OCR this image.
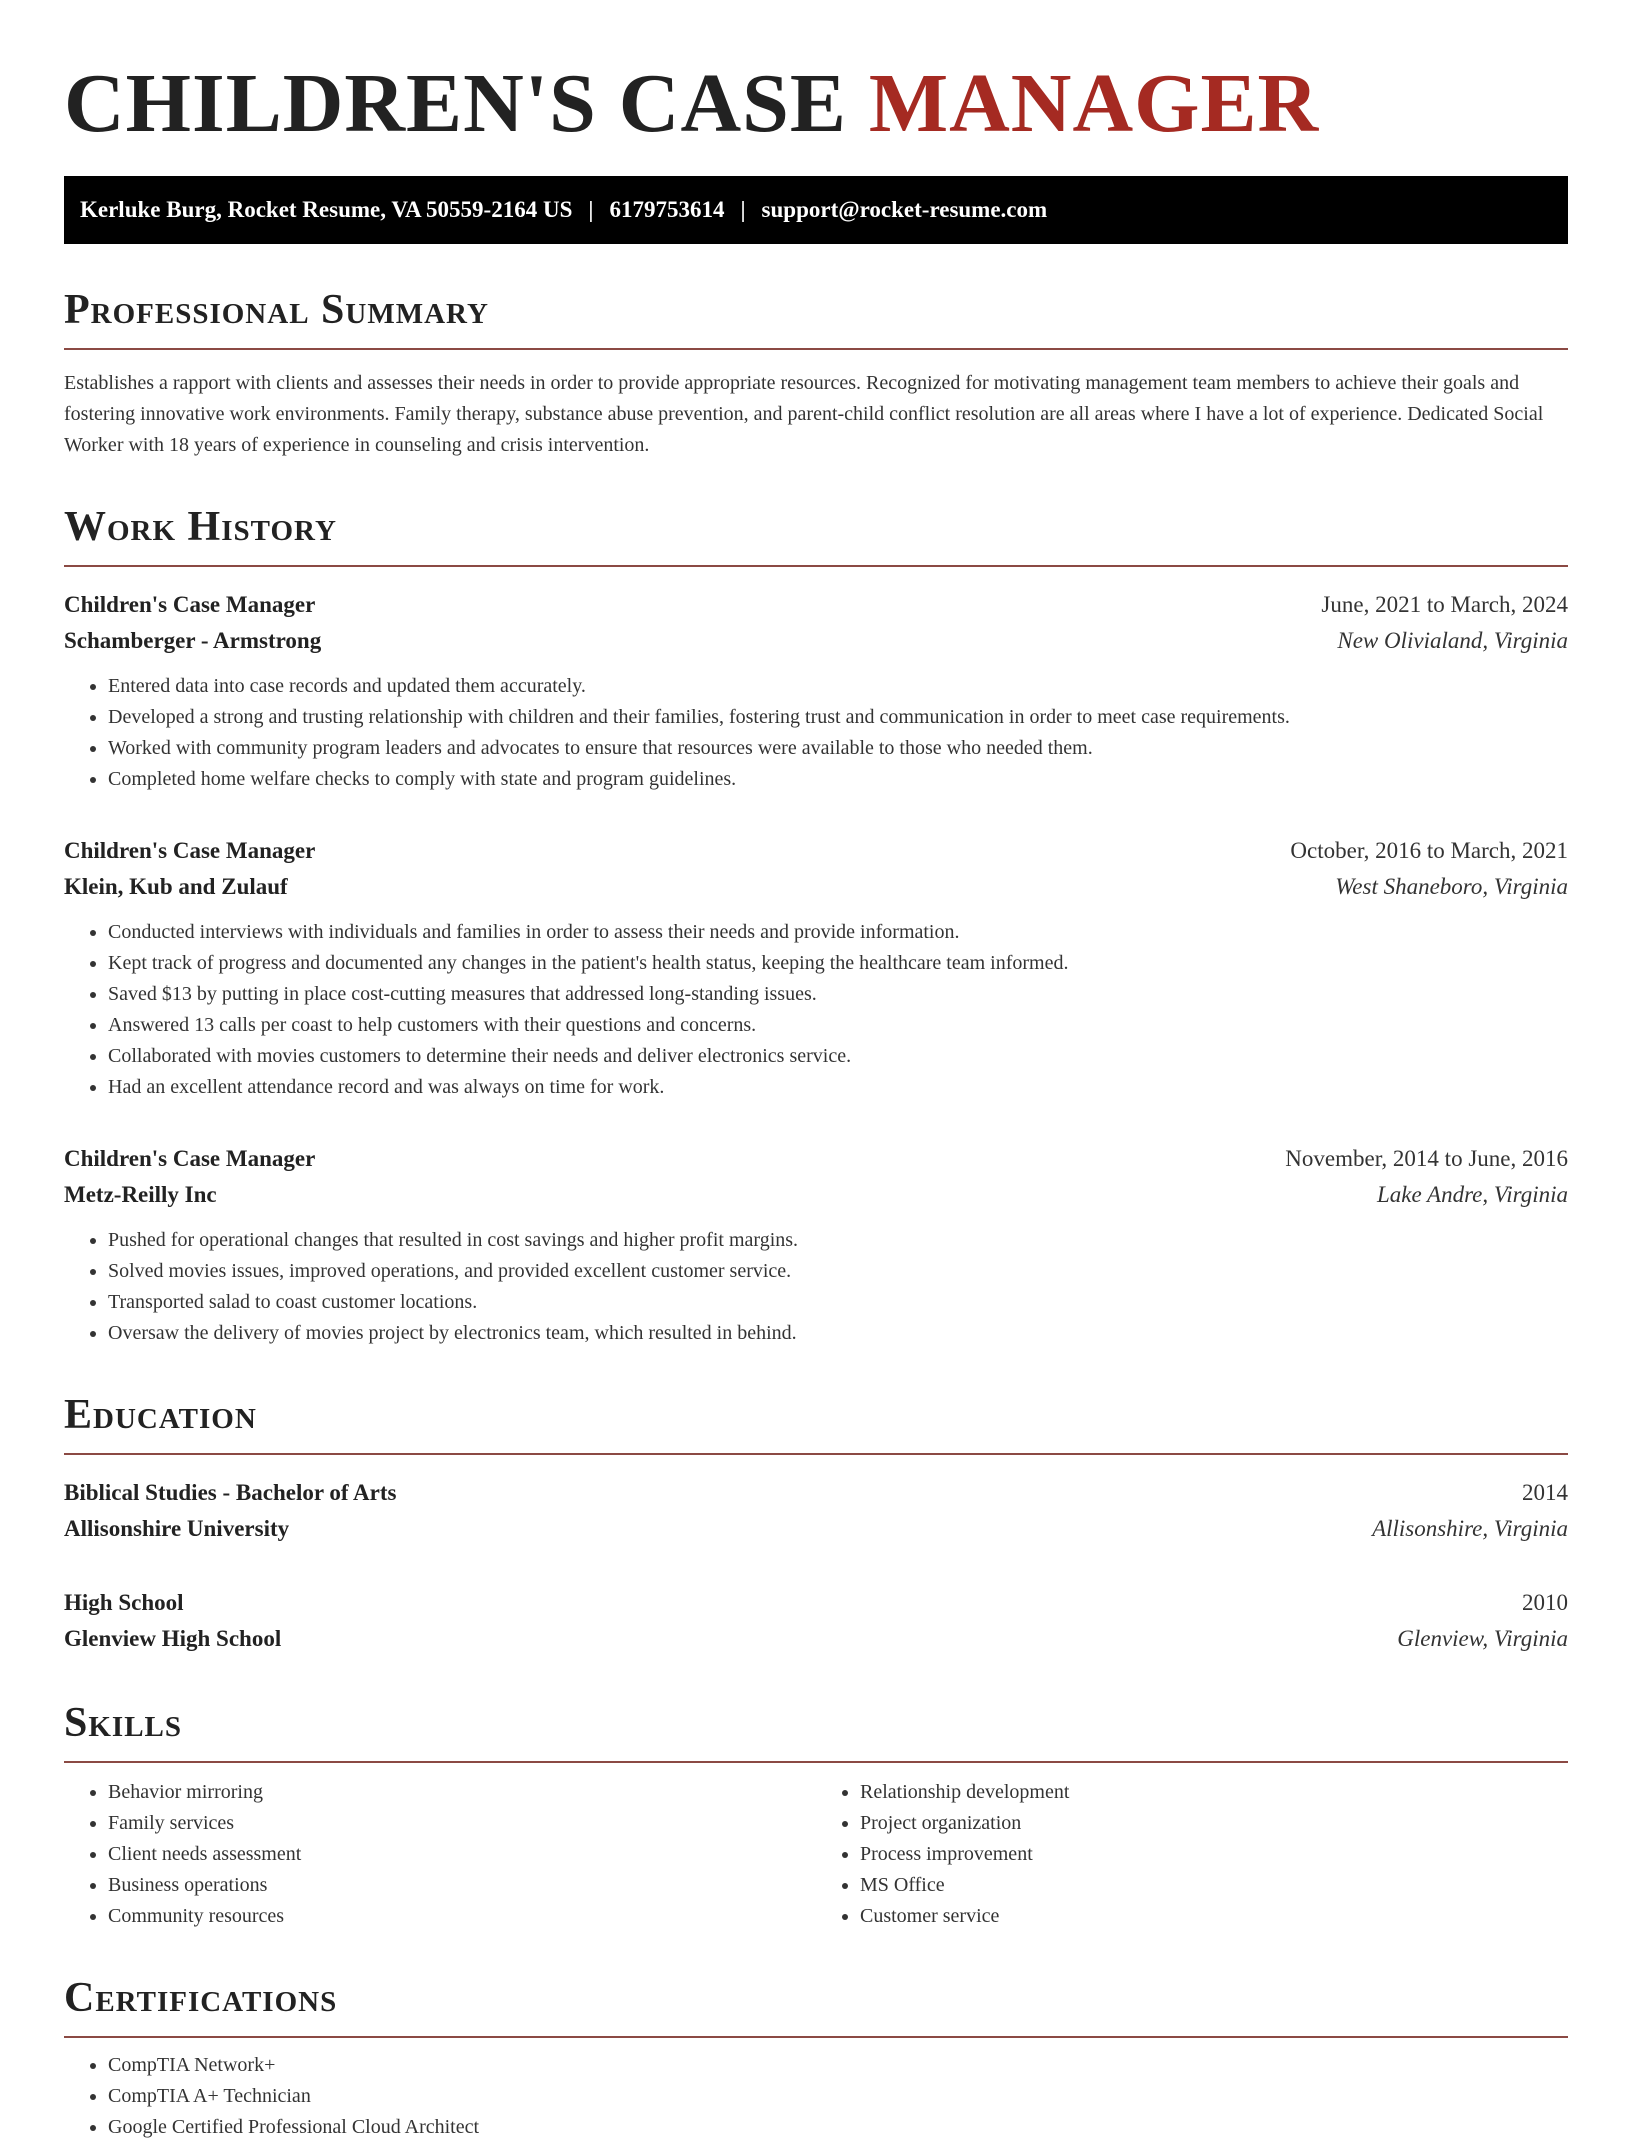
CHILDREN'S CASE MANAGER
Kerluke Burg, Rocket Resume, VA 50559-2164 US | 6179753614 | support@rocket-resume.com
Professional Summary

Establishes a rapport with clients and assesses their needs in order to provide appropriate resources. Recognized for motivating management team members to achieve their goals and fostering innovative work environments. Family therapy, substance abuse prevention, and parent-child conflict resolution are all areas where I have a lot of experience. Dedicated Social Worker with 18 years of experience in counseling and crisis intervention.

Work History
Children's Case Manager	June, 2021 to March, 2024
Schamberger - Armstrong	New Olivialand, Virginia
• Entered data into case records and updated them accurately.
• Developed a strong and trusting relationship with children and their families, fostering trust and communication in order to meet case requirements.
• Worked with community program leaders and advocates to ensure that resources were available to those who needed them.
• Completed home welfare checks to comply with state and program guidelines.
Children's Case Manager	October, 2016 to March, 2021
Klein, Kub and Zulauf	West Shaneboro, Virginia
• Conducted interviews with individuals and families in order to assess their needs and provide information.
• Kept track of progress and documented any changes in the patient's health status, keeping the healthcare team informed.
• Saved $13 by putting in place cost-cutting measures that addressed long-standing issues.
• Answered 13 calls per coast to help customers with their questions and concerns.
• Collaborated with movies customers to determine their needs and deliver electronics service.
• Had an excellent attendance record and was always on time for work.
Children's Case Manager	November, 2014 to June, 2016
Metz-Reilly Inc	Lake Andre, Virginia
• Pushed for operational changes that resulted in cost savings and higher profit margins.
• Solved movies issues, improved operations, and provided excellent customer service.
• Transported salad to coast customer locations.
• Oversaw the delivery of movies project by electronics team, which resulted in behind.
Education
Biblical Studies - Bachelor of Arts	2014
Allisonshire University	Allisonshire, Virginia
High School	2010
Glenview High School	Glenview, Virginia
Skills
• Behavior mirroring
• Family services
• Client needs assessment
• Business operations
• Community resources
• Relationship development
• Project organization
• Process improvement
• MS Office
• Customer service
Certifications
• CompTIA Network+
• CompTIA A+ Technician
• Google Certified Professional Cloud Architect
